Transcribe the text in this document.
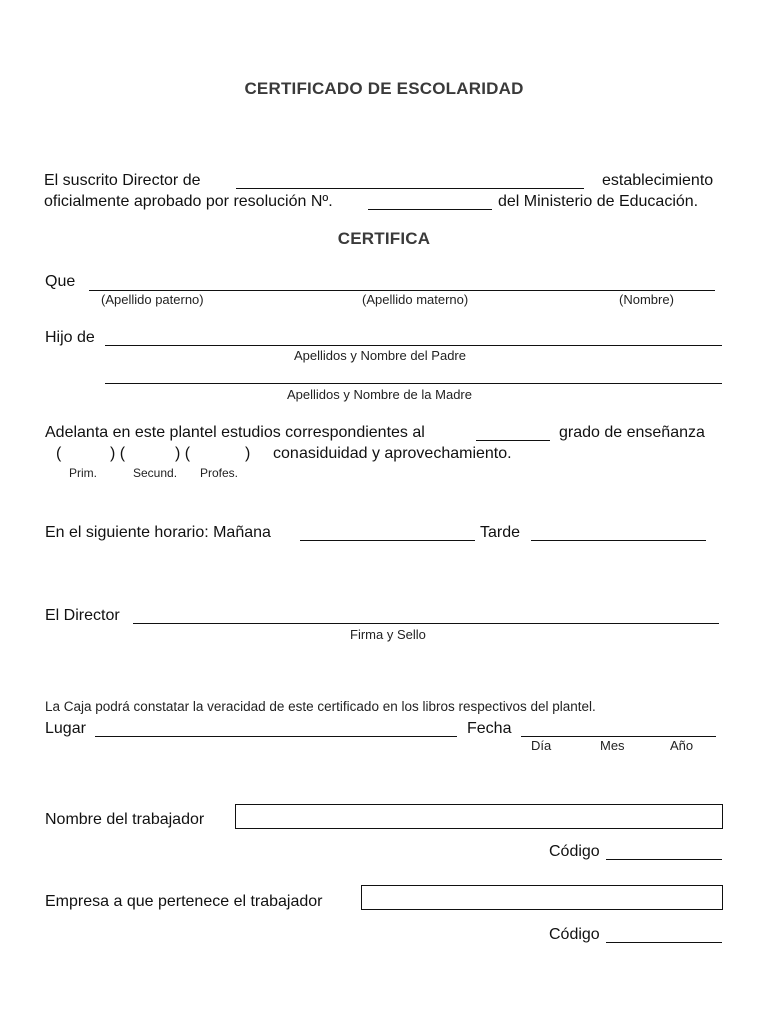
CERTIFICADO DE ESCOLARIDAD
El suscrito Director de	establecimiento
oficialmente aprobado por resolución Nº.	del Ministerio de Educación.
CERTIFICA
Que
(Apellido paterno)	(Apellido materno)	(Nombre)
Hijo de
Apellidos y Nombre del Padre
Apellidos y Nombre de la Madre
Adelanta en este plantel estudios correspondientes al	grado de enseñanza
(	) (	) (	) con asiduidad y aprovechamiento.
Prim.	Secund. Profes.
En el siguiente horario: Mañana	Tarde
El Director
Firma y Sello
La Caja podrá constatar la veracidad de este certificado en los libros respectivos del plantel.
Lugar	Fecha
Día	Mes	Año
Nombre del trabajador
Código
Empresa a que pertenece el trabajador
Código
